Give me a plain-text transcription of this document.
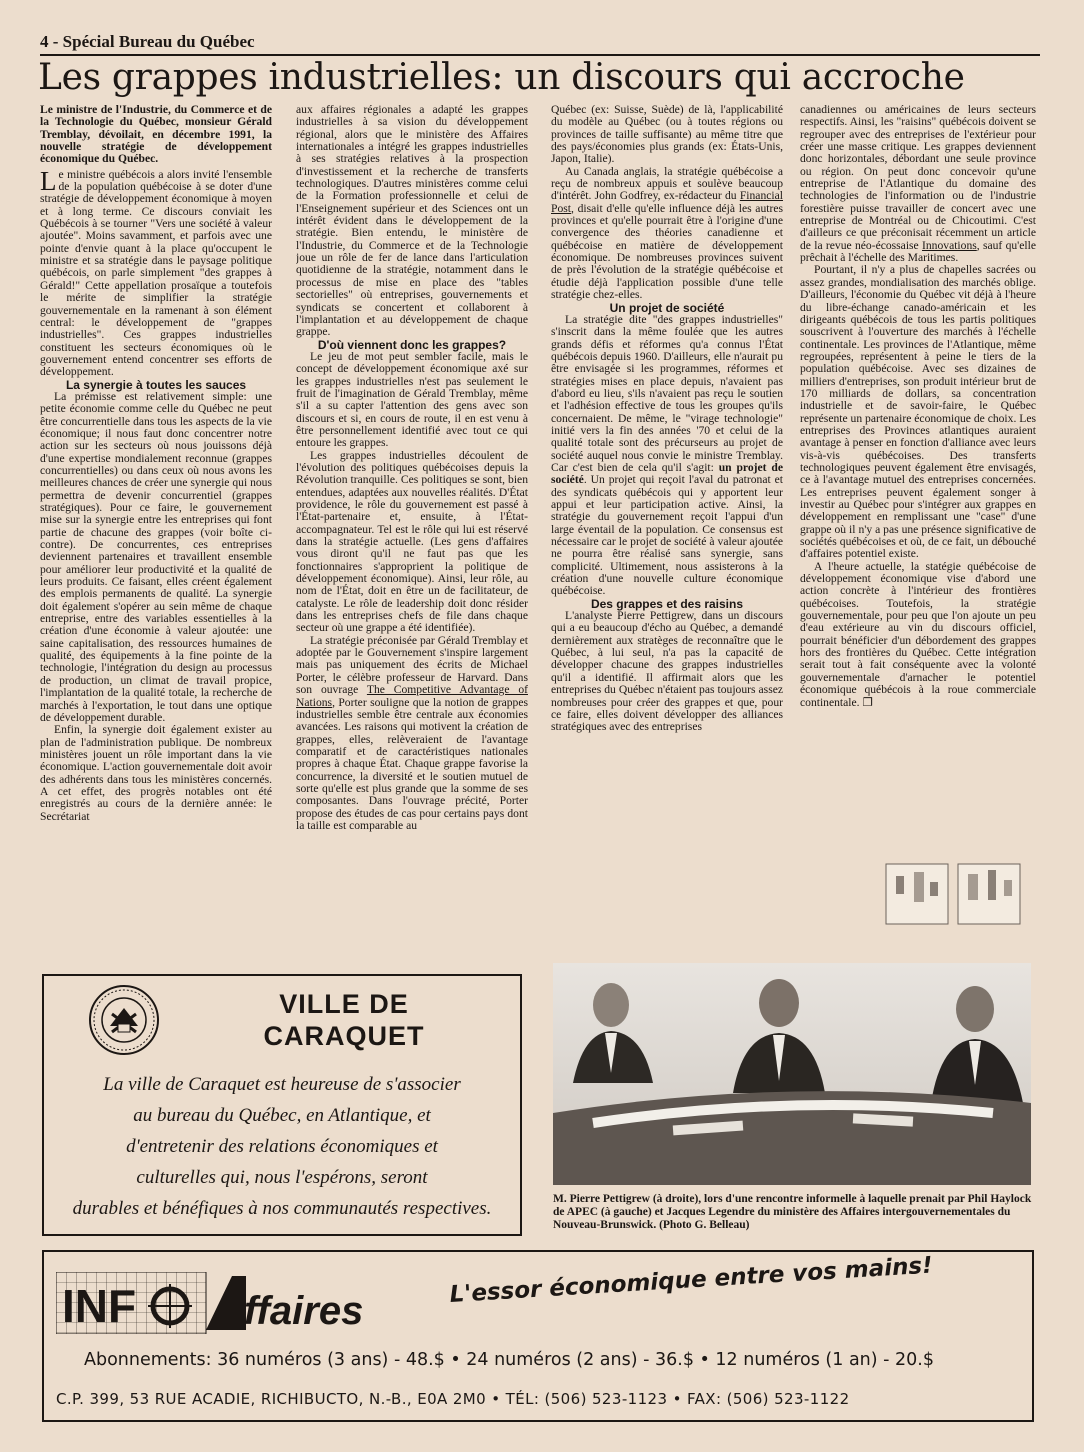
4 - Spécial Bureau du Québec
Les grappes industrielles: un discours qui accroche

Le ministre de l'Industrie, du Commerce et de la Technologie du Québec, monsieur Gérald Tremblay, dévoilait, en décembre 1991, la nouvelle stratégie de développement économique du Québec.

Le ministre québécois a alors invité l'ensemble de la population québécoise à se doter d'une stratégie de développement économique à moyen et à long terme. Ce discours conviait les Québécois à se tourner "Vers une société à valeur ajoutée". Moins savamment, et parfois avec une pointe d'envie quant à la place qu'occupent le ministre et sa stratégie dans le paysage politique québécois, on parle simplement "des grappes à Gérald!" Cette appellation prosaïque a toutefois le mérite de simplifier la stratégie gouvernementale en la ramenant à son élément central: le développement de "grappes industrielles". Ces grappes industrielles constituent les secteurs économiques où le gouvernement entend concentrer ses efforts de développement.

La synergie à toutes les sauces

La prémisse est relativement simple: une petite économie comme celle du Québec ne peut être concurrentielle dans tous les aspects de la vie économique; il nous faut donc concentrer notre action sur les secteurs où nous jouissons déjà d'une expertise mondialement reconnue (grappes concurrentielles) ou dans ceux où nous avons les meilleures chances de créer une synergie qui nous permettra de devenir concurrentiel (grappes stratégiques). Pour ce faire, le gouvernement mise sur la synergie entre les entreprises qui font partie de chacune des grappes (voir boîte ci-contre). De concurrentes, ces entreprises deviennent partenaires et travaillent ensemble pour améliorer leur productivité et la qualité de leurs produits. Ce faisant, elles créent également des emplois permanents de qualité. La synergie doit également s'opérer au sein même de chaque entreprise, entre des variables essentielles à la création d'une économie à valeur ajoutée: une saine capitalisation, des ressources humaines de qualité, des équipements à la fine pointe de la technologie, l'intégration du design au processus de production, un climat de travail propice, l'implantation de la qualité totale, la recherche de marchés à l'exportation, le tout dans une optique de développement durable.

Enfin, la synergie doit également exister au plan de l'administration publique. De nombreux ministères jouent un rôle important dans la vie économique. L'action gouvernementale doit avoir des adhérents dans tous les ministères concernés. A cet effet, des progrès notables ont été enregistrés au cours de la dernière année: le Secrétariat

aux affaires régionales a adapté les grappes industrielles à sa vision du développement régional, alors que le ministère des Affaires internationales a intégré les grappes industrielles à ses stratégies relatives à la prospection d'investissement et la recherche de transferts technologiques. D'autres ministères comme celui de la Formation professionnelle et celui de l'Enseignement supérieur et des Sciences ont un intérêt évident dans le développement de la stratégie. Bien entendu, le ministère de l'Industrie, du Commerce et de la Technologie joue un rôle de fer de lance dans l'articulation quotidienne de la stratégie, notamment dans le processus de mise en place des "tables sectorielles" où entreprises, gouvernements et syndicats se concertent et collaborent à l'implantation et au développement de chaque grappe.

D'où viennent donc les grappes?

Le jeu de mot peut sembler facile, mais le concept de développement économique axé sur les grappes industrielles n'est pas seulement le fruit de l'imagination de Gérald Tremblay, même s'il a su capter l'attention des gens avec son discours et si, en cours de route, il en est venu à être personnellement identifié avec tout ce qui entoure les grappes.

Les grappes industrielles découlent de l'évolution des politiques québécoises depuis la Révolution tranquille. Ces politiques se sont, bien entendues, adaptées aux nouvelles réalités. D'État providence, le rôle du gouvernement est passé à l'État-partenaire et, ensuite, à l'État-accompagnateur. Tel est le rôle qui lui est réservé dans la stratégie actuelle. (Les gens d'affaires vous diront qu'il ne faut pas que les fonctionnaires s'approprient la politique de développement économique). Ainsi, leur rôle, au nom de l'État, doit en être un de facilitateur, de catalyste. Le rôle de leadership doit donc résider dans les entreprises chefs de file dans chaque secteur où une grappe a été identifiée).

La stratégie préconisée par Gérald Tremblay et adoptée par le Gouvernement s'inspire largement mais pas uniquement des écrits de Michael Porter, le célèbre professeur de Harvard. Dans son ouvrage The Competitive Advantage of Nations, Porter souligne que la notion de grappes industrielles semble être centrale aux économies avancées. Les raisons qui motivent la création de grappes, elles, relèveraient de l'avantage comparatif et de caractéristiques nationales propres à chaque État. Chaque grappe favorise la concurrence, la diversité et le soutien mutuel de sorte qu'elle est plus grande que la somme de ses composantes. Dans l'ouvrage précité, Porter propose des études de cas pour certains pays dont la taille est comparable au

Québec (ex: Suisse, Suède) de là, l'applicabilité du modèle au Québec (ou à toutes régions ou provinces de taille suffisante) au même titre que des pays/économies plus grands (ex: États-Unis, Japon, Italie).

Au Canada anglais, la stratégie québécoise a reçu de nombreux appuis et soulève beaucoup d'intérêt. John Godfrey, ex-rédacteur du Financial Post, disait d'elle qu'elle influence déjà les autres provinces et qu'elle pourrait être à l'origine d'une convergence des théories canadienne et québécoise en matière de développement économique. De nombreuses provinces suivent de près l'évolution de la stratégie québécoise et étudie déjà l'application possible d'une telle stratégie chez-elles.

Un projet de société

La stratégie dite "des grappes industrielles" s'inscrit dans la même foulée que les autres grands défis et réformes qu'a connus l'État québécois depuis 1960. D'ailleurs, elle n'aurait pu être envisagée si les programmes, réformes et stratégies mises en place depuis, n'avaient pas d'abord eu lieu, s'ils n'avaient pas reçu le soutien et l'adhésion effective de tous les groupes qu'ils concernaient. De même, le "virage technologie" initié vers la fin des années '70 et celui de la qualité totale sont des précurseurs au projet de société auquel nous convie le ministre Tremblay. Car c'est bien de cela qu'il s'agit: un projet de société. Un projet qui reçoit l'aval du patronat et des syndicats québécois qui y apportent leur appui et leur participation active. Ainsi, la stratégie du gouvernement reçoit l'appui d'un large éventail de la population. Ce consensus est nécessaire car le projet de société à valeur ajoutée ne pourra être réalisé sans synergie, sans complicité. Ultimement, nous assisterons à la création d'une nouvelle culture économique québécoise.

Des grappes et des raisins

L'analyste Pierre Pettigrew, dans un discours qui a eu beaucoup d'écho au Québec, a demandé dernièrement aux stratèges de reconnaître que le Québec, à lui seul, n'a pas la capacité de développer chacune des grappes industrielles qu'il a identifié. Il affirmait alors que les entreprises du Québec n'étaient pas toujours assez nombreuses pour créer des grappes et que, pour ce faire, elles doivent développer des alliances stratégiques avec des entreprises

canadiennes ou américaines de leurs secteurs respectifs. Ainsi, les "raisins" québécois doivent se regrouper avec des entreprises de l'extérieur pour créer une masse critique. Les grappes deviennent donc horizontales, débordant une seule province ou région. On peut donc concevoir qu'une entreprise de l'Atlantique du domaine des technologies de l'information ou de l'industrie forestière puisse travailler de concert avec une entreprise de Montréal ou de Chicoutimi. C'est d'ailleurs ce que préconisait récemment un article de la revue néo-écossaise Innovations, sauf qu'elle prêchait à l'échelle des Maritimes.

Pourtant, il n'y a plus de chapelles sacrées ou assez grandes, mondialisation des marchés oblige. D'ailleurs, l'économie du Québec vit déjà à l'heure du libre-échange canado-américain et les dirigeants québécois de tous les partis politiques souscrivent à l'ouverture des marchés à l'échelle continentale. Les provinces de l'Atlantique, même regroupées, représentent à peine le tiers de la population québécoise. Avec ses dizaines de milliers d'entreprises, son produit intérieur brut de 170 milliards de dollars, sa concentration industrielle et de savoir-faire, le Québec représente un partenaire économique de choix. Les entreprises des Provinces atlantiques auraient avantage à penser en fonction d'alliance avec leurs vis-à-vis québécoises. Des transferts technologiques peuvent également être envisagés, ce à l'avantage mutuel des entreprises concernées. Les entreprises peuvent également songer à investir au Québec pour s'intégrer aux grappes en développement en remplissant une "case" d'une grappe où il n'y a pas une présence significative de sociétés québécoises et où, de ce fait, un débouché d'affaires potentiel existe.

A l'heure actuelle, la statégie québécoise de développement économique vise d'abord une action concrète à l'intérieur des frontières québécoises. Toutefois, la stratégie gouvernementale, pour peu que l'on ajoute un peu d'eau extérieure au vin du discours officiel, pourrait bénéficier d'un débordement des grappes hors des frontières du Québec. Cette intégration serait tout à fait conséquente avec la volonté gouvernementale d'arnacher le potentiel économique québécois à la roue commerciale continentale. ❐

VILLE DE
CARAQUET
La ville de Caraquet est heureuse de s'associer
au bureau du Québec, en Atlantique, et
d'entretenir des relations économiques et
culturelles qui, nous l'espérons, seront
durables et bénéfiques à nos communautés respectives.	M. Pierre Pettigrew (à droite), lors d'une rencontre informelle à laquelle prenait par Phil Haylock de APEC (à gauche) et Jacques Legendre du ministère des Affaires intergouvernementales du Nouveau-Brunswick. (Photo G. Belleau)
INF	ffaires
L'essor économique entre vos mains!
Abonnements: 36 numéros (3 ans) - 48.$ • 24 numéros (2 ans) - 36.$ • 12 numéros (1 an) - 20.$
C.P. 399, 53 RUE ACADIE, RICHIBUCTO, N.-B., E0A 2M0 • TÉL: (506) 523-1123 • FAX: (506) 523-1122
